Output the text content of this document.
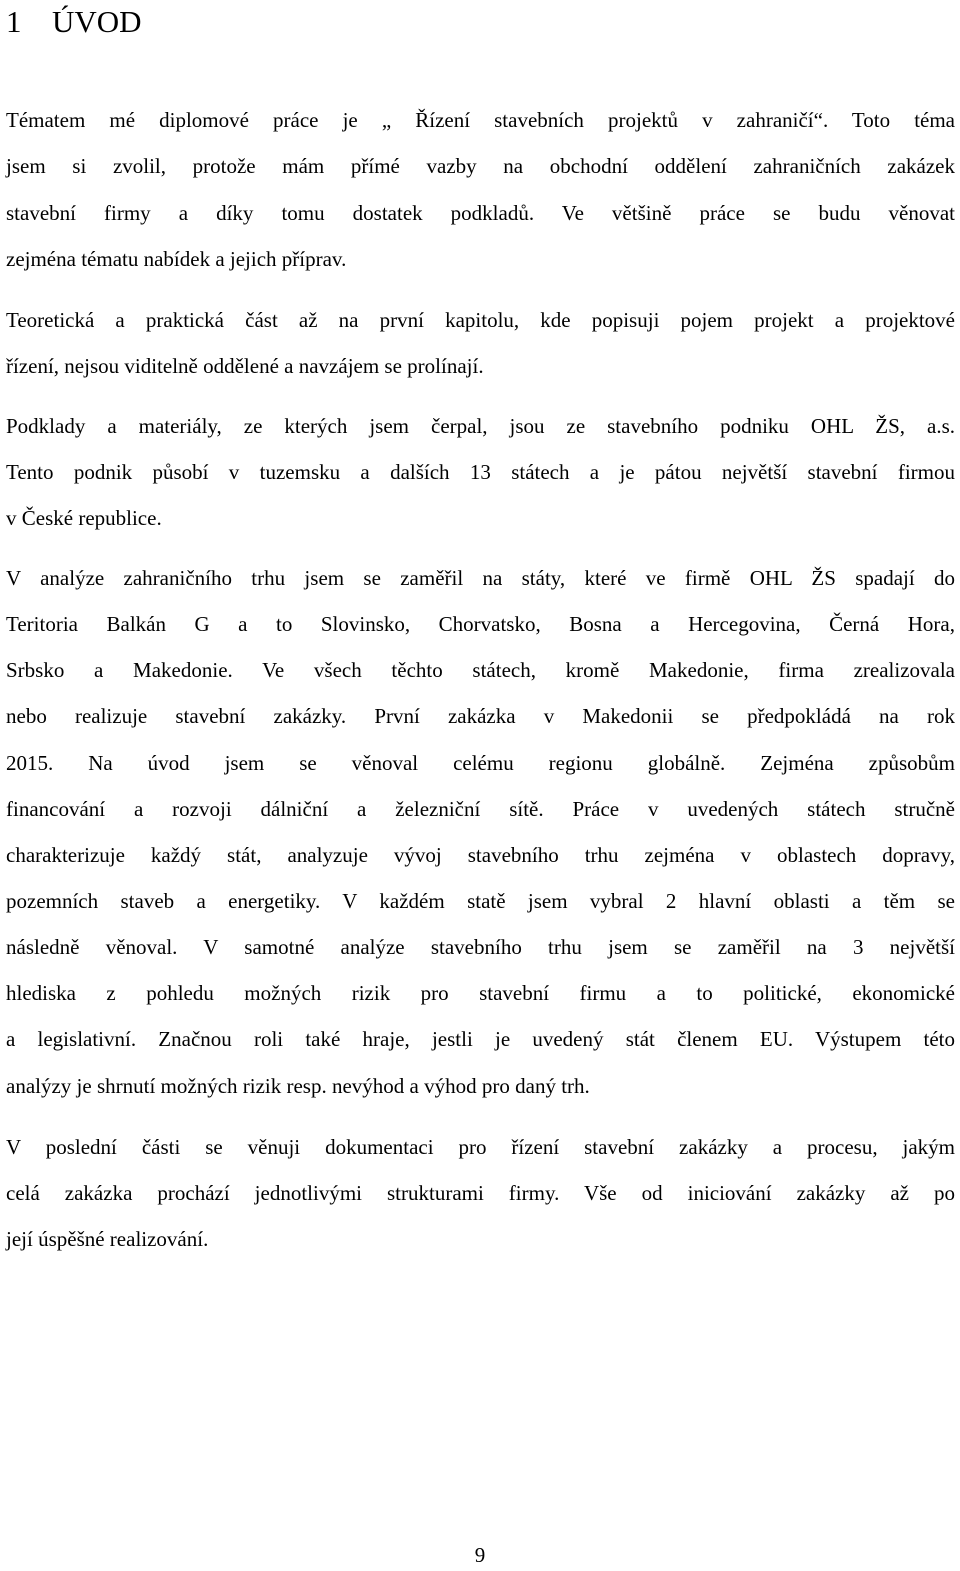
1 ÚVOD
Tématem mé diplomové práce je „ Řízení stavebních projektů v zahraničí“. Toto téma
jsem si zvolil, protože mám přímé vazby na obchodní oddělení zahraničních zakázek
stavební firmy a díky tomu dostatek podkladů. Ve většině práce se budu věnovat
zejména tématu nabídek a jejich příprav.
Teoretická a praktická část až na první kapitolu, kde popisuji pojem projekt a projektové
řízení, nejsou viditelně oddělené a navzájem se prolínají.
Podklady a materiály, ze kterých jsem čerpal, jsou ze stavebního podniku OHL ŽS, a.s.
Tento podnik působí v tuzemsku a dalších 13 státech a je pátou největší stavební firmou
v České republice.
V analýze zahraničního trhu jsem se zaměřil na státy, které ve firmě OHL ŽS spadají do
Teritoria Balkán G a to Slovinsko, Chorvatsko, Bosna a Hercegovina, Černá Hora,
Srbsko a Makedonie. Ve všech těchto státech, kromě Makedonie, firma zrealizovala
nebo realizuje stavební zakázky. První zakázka v Makedonii se předpokládá na rok
2015. Na úvod jsem se věnoval celému regionu globálně. Zejména způsobům
financování a rozvoji dálniční a železniční sítě. Práce v uvedených státech stručně
charakterizuje každý stát, analyzuje vývoj stavebního trhu zejména v oblastech dopravy,
pozemních staveb a energetiky. V každém statě jsem vybral 2 hlavní oblasti a těm se
následně věnoval. V samotné analýze stavebního trhu jsem se zaměřil na 3 největší
hlediska z pohledu možných rizik pro stavební firmu a to politické, ekonomické
a legislativní. Značnou roli také hraje, jestli je uvedený stát členem EU. Výstupem této
analýzy je shrnutí možných rizik resp. nevýhod a výhod pro daný trh.
V poslední části se věnuji dokumentaci pro řízení stavební zakázky a procesu, jakým
celá zakázka prochází jednotlivými strukturami firmy. Vše od iniciování zakázky až po
její úspěšné realizování.
9
